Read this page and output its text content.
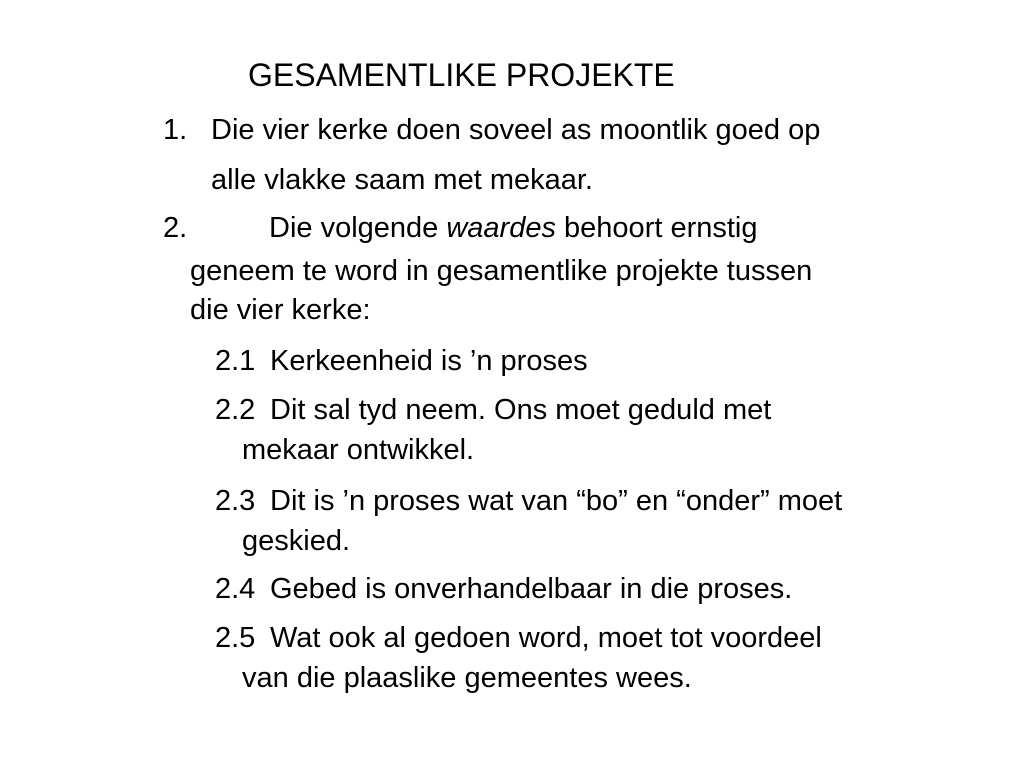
GESAMENTLIKE PROJEKTE
1. Die vier kerke doen soveel as moontlik goed op
alle vlakke saam met mekaar.
2.	Die volgende waardes behoort ernstig
geneem te word in gesamentlike projekte tussen
die vier kerke:
2.1 Kerkeenheid is ’n proses
2.2 Dit sal tyd neem. Ons moet geduld met
mekaar ontwikkel.
2.3 Dit is ’n proses wat van “bo” en “onder” moet
geskied.
2.4 Gebed is onverhandelbaar in die proses.
2.5 Wat ook al gedoen word, moet tot voordeel
van die plaaslike gemeentes wees.
